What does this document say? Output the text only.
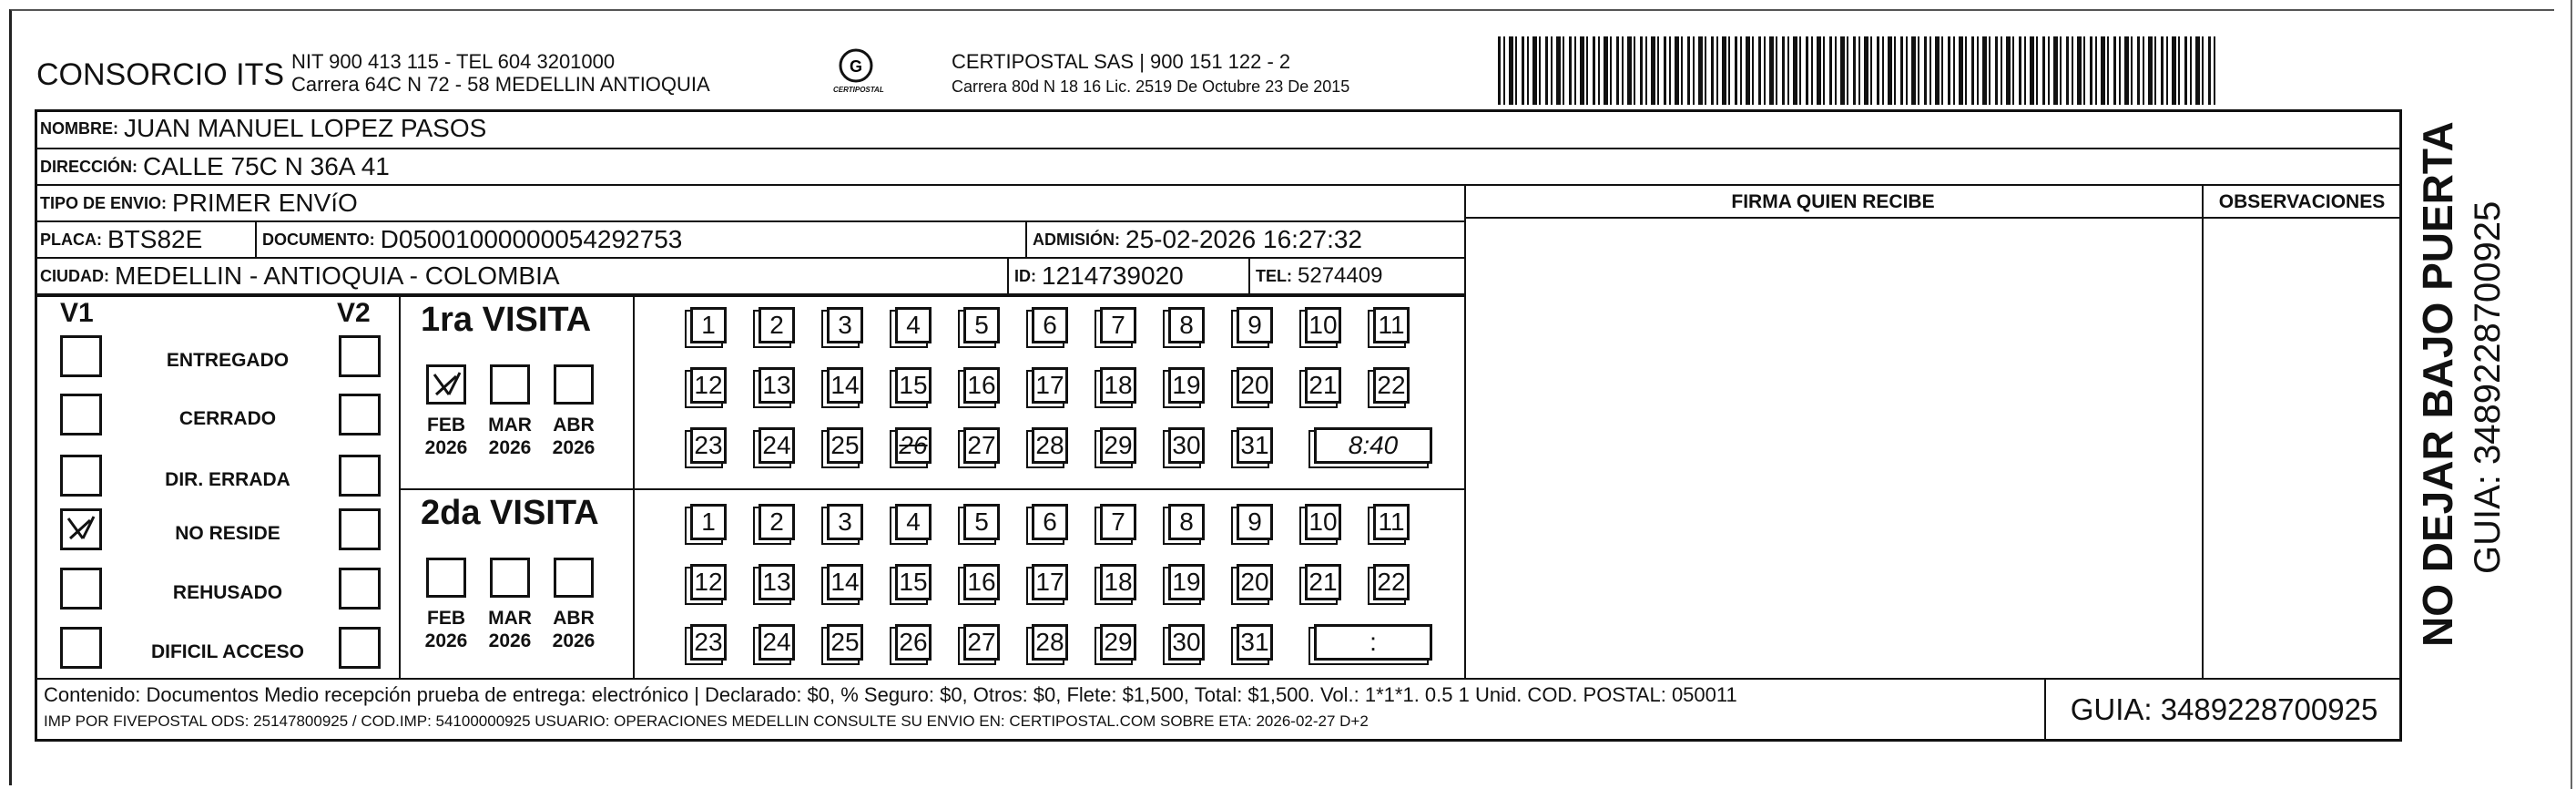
CONSORCIO ITS NIT 900 413 115 - TEL 604 3201000
Carrera 64C N 72 - 58 MEDELLIN ANTIOQUIA
G
CERTIPOSTAL
CERTIPOSTAL SAS | 900 151 122 - 2
Carrera 80d N 18 16 Lic. 2519 De Octubre 23 De 2015
NOMBRE: JUAN MANUEL LOPEZ PASOS
DIRECCIÓN: CALLE 75C N 36A 41
TIPO DE ENVIO: PRIMER ENVíO
PLACA: BTS82E	DOCUMENTO: D05001000000054292753	ADMISIÓN: 25-02-2026 16:27:32
CIUDAD: MEDELLIN - ANTIOQUIA - COLOMBIA	ID: 1214739020	TEL: 5274409
FIRMA QUIEN RECIBE	OBSERVACIONES
V1	V2
ENTREGADO
CERRADO
DIR. ERRADA
NO RESIDE
REHUSADO
DIFICIL ACCESO
1ra VISITA
2da VISITA
FEB
2026
MAR
2026
ABR
2026
FEB
2026
MAR
2026
ABR
2026
1	2	3	4	5	6	7	8	9	10 11
12 13 14 15 16 17 18 19 20 21 22
23 24 25 26 27 28 29 30 31	8:40
1	2	3	4	5	6	7	8	9	10 11
12 13 14 15 16 17 18 19 20 21 22
23 24 25 26 27 28 29 30 31	:
Contenido: Documentos Medio recepción prueba de entrega: electrónico | Declarado: $0, % Seguro: $0, Otros: $0, Flete: $1,500, Total: $1,500. Vol.: 1*1*1. 0.5 1 Unid. COD. POSTAL: 050011
IMP POR FIVEPOSTAL ODS: 25147800925 / COD.IMP: 54100000925 USUARIO: OPERACIONES MEDELLIN CONSULTE SU ENVIO EN: CERTIPOSTAL.COM SOBRE ETA: 2026-02-27 D+2	GUIA: 3489228700925
NO DEJAR BAJO PUERTA GUIA: 3489228700925
